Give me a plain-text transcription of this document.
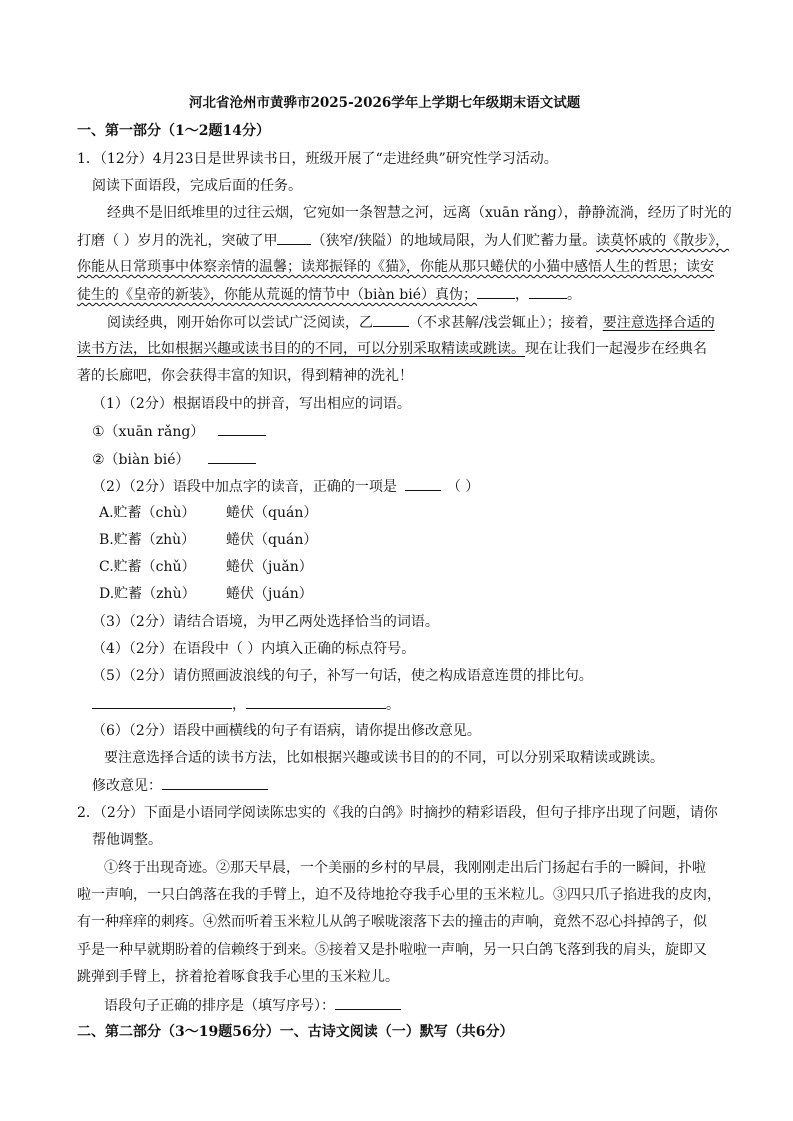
河北省沧州市黄骅市2025-2026学年上学期七年级期末语文试题
一、第一部分（1～2题14分）
1．（12分）4月23日是世界读书日，班级开展了“走进经典”研究性学习活动。
阅读下面语段，完成后面的任务。
经典不是旧纸堆里的过往云烟，它宛如一条智慧之河，远离（xuān rǎng），静静流淌，经历了时光的
打磨（ ）岁月的洗礼，突破了甲 （狭窄/狭隘）的地域局限，为人们贮蓄力量。读莫怀戚的《散步》，
你能从日常琐事中体察亲情的温馨；读郑振铎的《猫》，你能从那只蜷伏的小猫中感悟人生的哲思；读安
徒生的《皇帝的新装》，你能从荒诞的情节中（biàn bié）真伪；	，	。
阅读经典，刚开始你可以尝试广泛阅读，乙	（不求甚解/浅尝辄止）；接着，要注意选择合适的
读书方法，比如根据兴趣或读书目的的不同，可以分别采取精读或跳读。现在让我们一起漫步在经典名
著的长廊吧，你会获得丰富的知识，得到精神的洗礼！
（1）（2分）根据语段中的拼音，写出相应的词语。
①（xuān rǎng）
②（biàn bié）
（2）（2分）语段中加点字的读音，正确的一项是	（ ）
A.贮蓄（chù） 蜷伏（quán）
B.贮蓄（zhù） 蜷伏（quán）
C.贮蓄（chǔ） 蜷伏（juǎn）
D.贮蓄（zhù） 蜷伏（juán）
（3）（2分）请结合语境，为甲乙两处选择恰当的词语。
（4）（2分）在语段中（ ）内填入正确的标点符号。
（5）（2分）请仿照画波浪线的句子，补写一句话，使之构成语意连贯的排比句。
，	。
（6）（2分）语段中画横线的句子有语病，请你提出修改意见。
要注意选择合适的读书方法，比如根据兴趣或读书目的的不同，可以分别采取精读或跳读。
修改意见：
2．（2分）下面是小语同学阅读陈忠实的《我的白鸽》时摘抄的精彩语段，但句子排序出现了问题，请你
帮他调整。
①终于出现奇迹。②那天早晨，一个美丽的乡村的早晨，我刚刚走出后门扬起右手的一瞬间，扑啦
啦一声响，一只白鸽落在我的手臂上，迫不及待地抢夺我手心里的玉米粒儿。③四只爪子掐进我的皮肉，
有一种痒痒的刺疼。④然而听着玉米粒儿从鸽子喉咙滚落下去的撞击的声响，竟然不忍心抖掉鸽子，似
乎是一种早就期盼着的信赖终于到来。⑤接着又是扑啦啦一声响，另一只白鸽飞落到我的肩头，旋即又
跳弹到手臂上，挤着抢着啄食我手心里的玉米粒儿。
语段句子正确的排序是（填写序号）：
二、第二部分（3～19题56分）一、古诗文阅读（一）默写（共6分）
